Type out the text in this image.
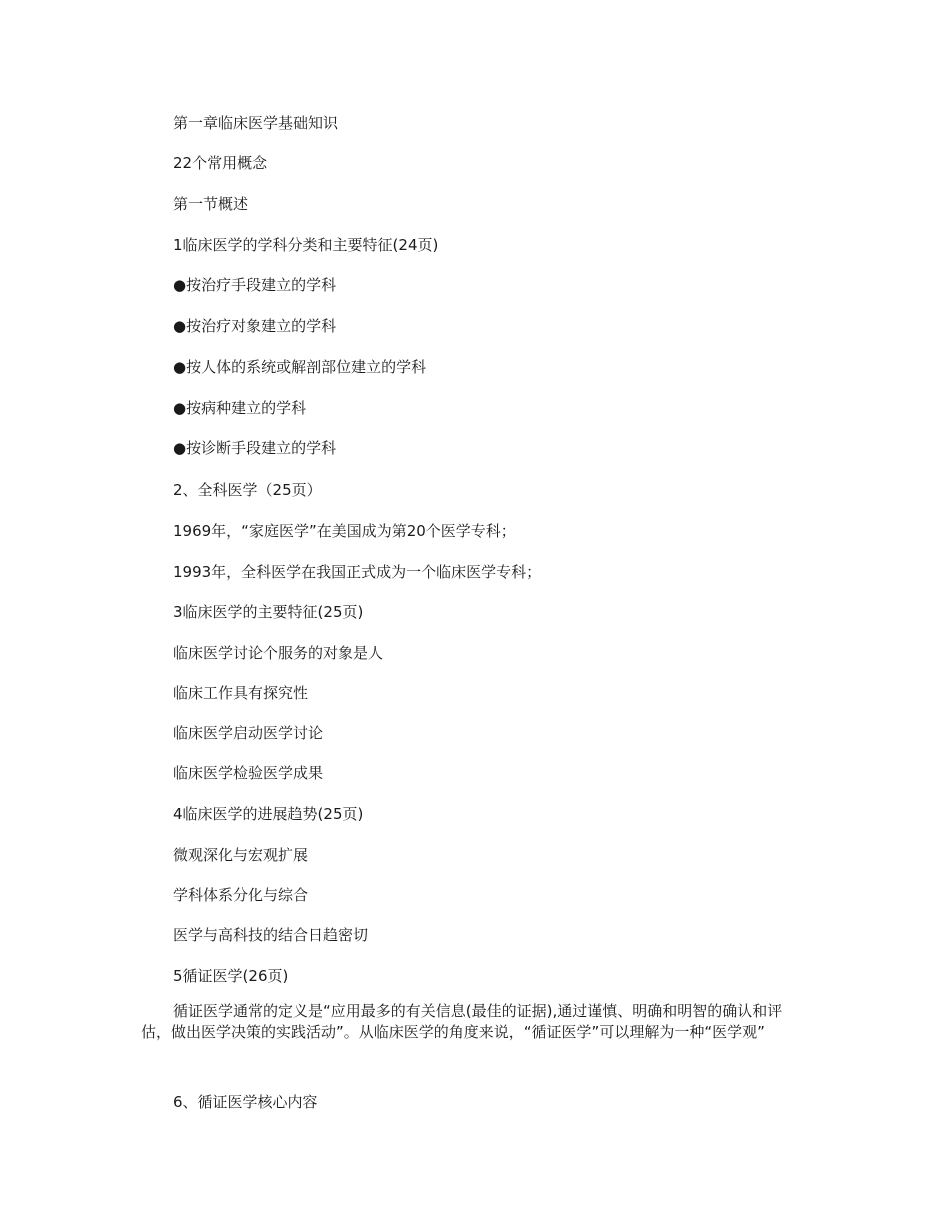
第一章临床医学基础知识
22个常用概念
第一节概述
1临床医学的学科分类和主要特征(24页)
●按治疗手段建立的学科
●按治疗对象建立的学科
●按人体的系统或解剖部位建立的学科
●按病种建立的学科
●按诊断手段建立的学科
2、全科医学（25页）
1969年，“家庭医学”在美国成为第20个医学专科；
1993年，全科医学在我国正式成为一个临床医学专科；
3临床医学的主要特征(25页)
临床医学讨论个服务的对象是人
临床工作具有探究性
临床医学启动医学讨论
临床医学检验医学成果
4临床医学的进展趋势(25页)
微观深化与宏观扩展
学科体系分化与综合
医学与高科技的结合日趋密切
5循证医学(26页)
循证医学通常的定义是“应用最多的有关信息(最佳的证据),通过谨慎、明确和明智的确认和评估，做出医学决策的实践活动”。从临床医学的角度来说，“循证医学”可以理解为一种“医学观”
6、循证医学核心内容
